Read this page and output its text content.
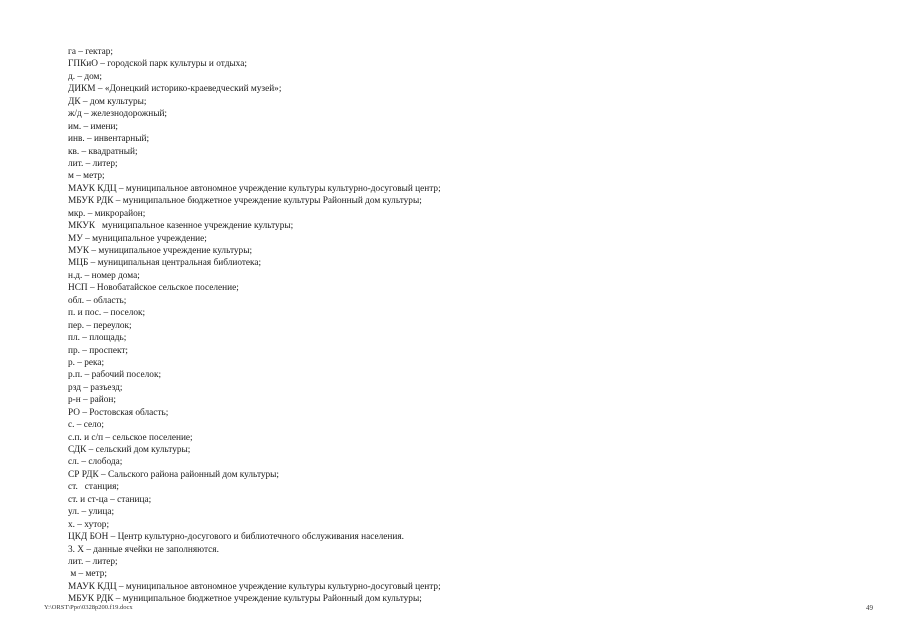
га – гектар;
ГПКиО – городской парк культуры и отдыха;
д. – дом;
ДИКМ – «Донецкий историко-краеведческий музей»;
ДК – дом культуры;
ж/д – железнодорожный;
им. – имени;
инв. – инвентарный;
кв. – квадратный;
лит. – литер;
м – метр;
МАУК КДЦ – муниципальное автономное учреждение культуры культурно-досуговый центр;
МБУК РДК – муниципальное бюджетное учреждение культуры Районный дом культуры;
мкр. – микрорайон;
МКУК   муниципальное казенное учреждение культуры;
МУ – муниципальное учреждение;
МУК – муниципальное учреждение культуры;
МЦБ – муниципальная центральная библиотека;
н.д. – номер дома;
НСП – Новобатайское сельское поселение;
обл. – область;
п. и пос. – поселок;
пер. – переулок;
пл. – площадь;
пр. – проспект;
р. – река;
р.п. – рабочий поселок;
рзд – разъезд;
р-н – район;
РО – Ростовская область;
с. – село;
с.п. и с/п – сельское поселение;
СДК – сельский дом культуры;
сл. – слобода;
СР РДК – Сальского района районный дом культуры;
ст.   станция;
ст. и ст-ца – станица;
ул. – улица;
х. – хутор;
ЦКД БОН – Центр культурно-досугового и библиотечного обслуживания населения.
3. Х – данные ячейки не заполняются.
лит. – литер;
м – метр;
МАУК КДЦ – муниципальное автономное учреждение культуры культурно-досуговый центр;
МБУК РДК – муниципальное бюджетное учреждение культуры Районный дом культуры;
Y:\ORST\Ppo\0328p200.f19.docx	49
